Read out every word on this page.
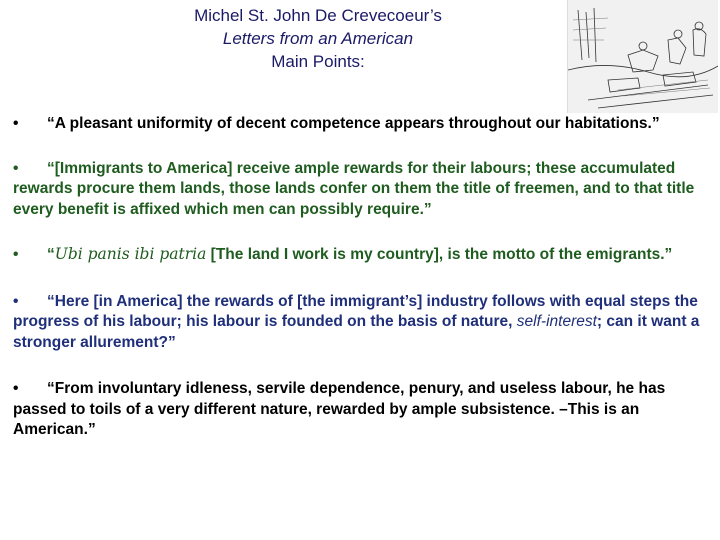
Michel St. John De Crevecoeur’s
Letters from an American
Main Points:
• “A pleasant uniformity of decent competence appears throughout our habitations.”
• “[Immigrants to America] receive ample rewards for their labours; these accumulated rewards procure them lands, those lands confer on them the title of freemen, and to that title every benefit is affixed which men can possibly require.”
• “Ubi panis ibi patria [The land I work is my country], is the motto of the emigrants.”
• “Here [in America] the rewards of [the immigrant’s] industry follows with equal steps the progress of his labour; his labour is founded on the basis of nature, self-interest; can it want a stronger allurement?”
• “From involuntary idleness, servile dependence, penury, and useless labour, he has passed to toils of a very different nature, rewarded by ample subsistence. –This is an American.”
